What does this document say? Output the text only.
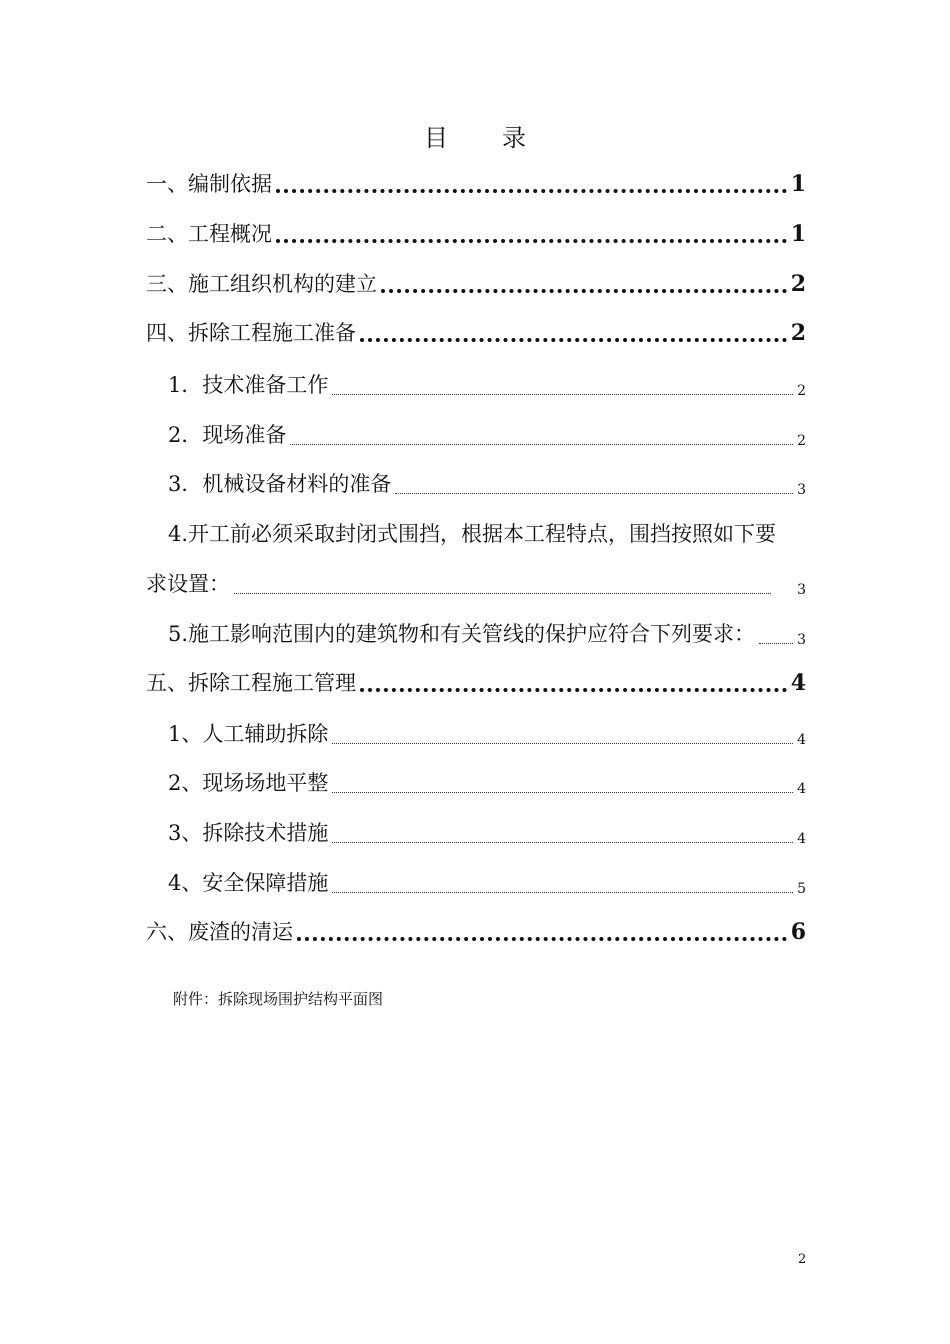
目 录
一、编制依据	1
二、工程概况	1
三、施工组织机构的建立	2
四、拆除工程施工准备	2
1．技术准备工作	2
2．现场准备	2
3．机械设备材料的准备	3
4.开工前必须采取封闭式围挡，根据本工程特点，围挡按照如下要
求设置：	3
5.施工影响范围内的建筑物和有关管线的保护应符合下列要求：	3
五、拆除工程施工管理	4
1、人工辅助拆除	4
2、现场场地平整	4
3、拆除技术措施	4
4、安全保障措施	5
六、废渣的清运	6
附件：拆除现场围护结构平面图
2
